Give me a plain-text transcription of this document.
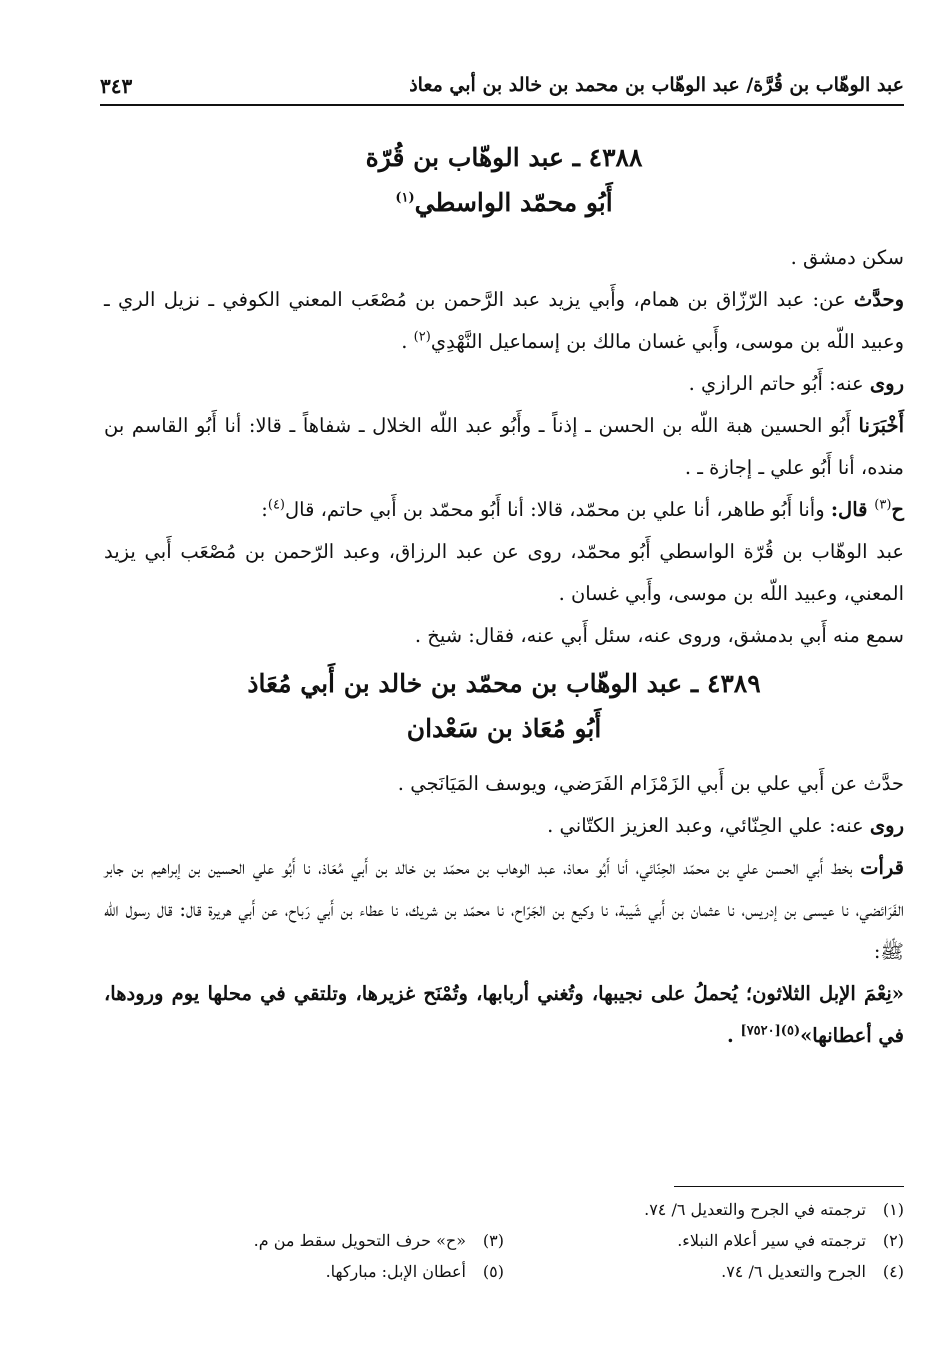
عبد الوهّاب بن قُرَّة/ عبد الوهّاب بن محمد بن خالد بن أبي معاذ
٣٤٣
٤٣٨٨ ـ عبد الوهّاب بن قُرّة
أَبُو محمّد الواسطي$^{(١)}$

سكن دمشق .

وحدَّث عن: عبد الرّزّاق بن همام، وأَبي يزيد عبد الرَّحمن بن مُصْعَب المعني الكوفي ـ نزيل الري ـ وعبيد اللّه بن موسى، وأَبي غسان مالك بن إسماعيل النَّهْدِي$^{(٢)}$ .

روى عنه: أَبُو حاتم الرازي .

أَخْبَرَنا أَبُو الحسين هبة اللّه بن الحسن ـ إذناً ـ وأَبُو عبد اللّه الخلال ـ شفاهاً ـ قالا: أنا أَبُو القاسم بن منده، أنا أَبُو علي ـ إجازة ـ .

ح$^{(٣)}$ قال: وأنا أَبُو طاهر، أنا علي بن محمّد، قالا: أنا أَبُو محمّد بن أَبي حاتم، قال$^{(٤)}$:

عبد الوهّاب بن قُرّة الواسطي أَبُو محمّد، روى عن عبد الرزاق، وعبد الرّحمن بن مُصْعَب أَبي يزيد المعني، وعبيد اللّه بن موسى، وأَبي غسان .

سمع منه أَبي بدمشق، وروى عنه، سئل أَبي عنه، فقال: شيخ .

٤٣٨٩ ـ عبد الوهّاب بن محمّد بن خالد بن أَبي مُعَاذ
أَبُو مُعَاذ بن سَعْدان

حدَّث عن أَبي علي بن أَبي الزَمْزَام الفَرَضي، ويوسف المَيَانَجي .

روى عنه: علي الحِنّائي، وعبد العزيز الكتّاني .

قرأت بخط أَبي الحسن علي بن محمّد الحِنّائي، أنا أَبُو معاذ، عبد الوهاب بن محمّد بن خالد بن أَبي مُعَاذ، نا أَبُو علي الحسين بن إبراهيم بن جابر الفَرَائضي، نا عيسى بن إدريس، نا عثمان بن أَبي شَيبة، نا وكيع بن الجَرّاح، نا محمّد بن شريك، نا عطاء بن أَبي رَباح، عن أَبي هريرة قال: قال رسول الله ﷺ:

«نِعْمَ الإبل الثلاثون؛ يُحملُ على نجيبها، وتُغني أربابها، وتُمْنَح غزيرها، وتلتقي في محلها يوم ورودها، في أعطانها»$^{(٥)[٧٥٢٠]}$ .

(١)ترجمته في الجرح والتعديل ٦/ ٧٤.
(٢)ترجمته في سير أعلام النبلاء.
(٣)«ح» حرف التحويل سقط من م.
(٤)الجرح والتعديل ٦/ ٧٤.
(٥)أعطان الإبل: مباركها.
